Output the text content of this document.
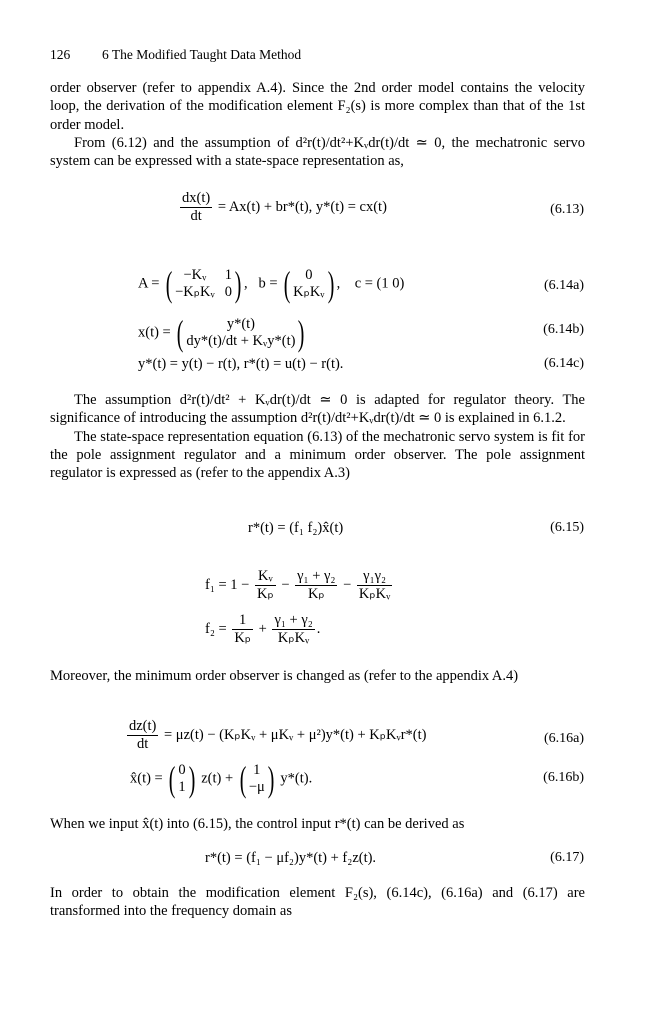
126 6 The Modified Taught Data Method

order observer (refer to appendix A.4). Since the 2nd order model contains the velocity loop, the derivation of the modification element F₂(s) is more complex than that of the 1st order model.

From (6.12) and the assumption of d²r(t)/dt²+Kᵥdr(t)/dt ≃ 0, the mechatronic servo system can be expressed with a state-space representation as,

$\frac{dx(t)}{dt} = Ax(t) + br*(t)$, y*(t) = cx(t)	(6.13)
A = ( −Kᵥ	1
−KₚKᵥ 0 ) ,   b = (	0
KₚKᵥ ) ,    c = (1 0)	(6.14a)
x(t) = (	y*(t)
dy*(t)/dt + Kᵥy*(t) )	(6.14b)
y*(t) = y(t) − r(t), r*(t) = u(t) − r(t).	(6.14c)

The assumption d²r(t)/dt² + Kᵥdr(t)/dt ≃ 0 is adapted for regulator theory. The significance of introducing the assumption d²r(t)/dt²+Kᵥdr(t)/dt ≃ 0 is explained in 6.1.2.

The state-space representation equation (6.13) of the mechatronic servo system is fit for the pole assignment regulator and a minimum order observer. The pole assignment regulator is expressed as (refer to the appendix A.3)

r*(t) = (f₁ f₂)x̂(t)	(6.15)
$f_1 = 1 - \frac{\text{Kᵥ}}{\text{Kₚ}} - \frac{\text{γ₁ + γ₂}}{\text{Kₚ}} - \frac{\text{γ₁γ₂}}{\text{KₚKᵥ}}$
$f_2 = \frac{1}{\text{Kₚ}} + \frac{\text{γ₁ + γ₂}}{\text{KₚKᵥ}}$ .

Moreover, the minimum order observer is changed as (refer to the appendix A.4)

$\frac{dz(t)}{dt} = \mu z(t)$ − (KₚKᵥ + μKᵥ + μ²)y*(t) + KₚKᵥr*(t)	(6.16a)
x̂(t) = ( 0
1 ) z(t) + ( 1
−μ ) y*(t).	(6.16b)

When we input x̂(t) into (6.15), the control input r*(t) can be derived as

r*(t) = (f₁ − μf₂)y*(t) + f₂z(t).	(6.17)

In order to obtain the modification element F₂(s), (6.14c), (6.16a) and (6.17) are transformed into the frequency domain as
